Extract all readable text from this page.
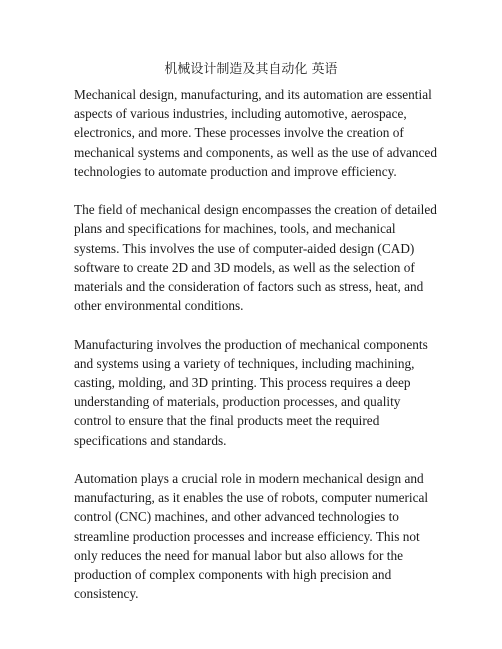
机械设计制造及其自动化 英语

Mechanical design, manufacturing, and its automation are essential aspects of various industries, including automotive, aerospace, electronics, and more. These processes involve the creation of mechanical systems and components, as well as the use of advanced technologies to automate production and improve efficiency.

The field of mechanical design encompasses the creation of detailed plans and specifications for machines, tools, and mechanical systems. This involves the use of computer-aided design (CAD) software to create 2D and 3D models, as well as the selection of materials and the consideration of factors such as stress, heat, and other environmental conditions.

Manufacturing involves the production of mechanical components and systems using a variety of techniques, including machining, casting, molding, and 3D printing. This process requires a deep understanding of materials, production processes, and quality control to ensure that the final products meet the required specifications and standards.

Automation plays a crucial role in modern mechanical design and manufacturing, as it enables the use of robots, computer numerical control (CNC) machines, and other advanced technologies to streamline production processes and increase efficiency. This not only reduces the need for manual labor but also allows for the production of complex components with high precision and consistency.
